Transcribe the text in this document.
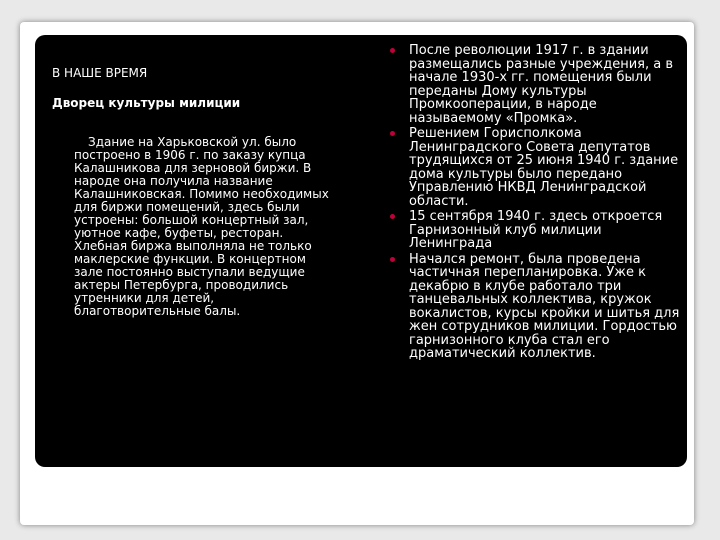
В НАШЕ ВРЕМЯ
Дворец культуры милиции

Здание на Харьковской ул. было построено в 1906 г. по заказу купца Калашникова для зерновой биржи. В народе она получила название Калашниковская. Помимо необходимых для биржи помещений, здесь были устроены: большой концертный зал, уютное кафе, буфеты, ресторан. Хлебная биржа выполняла не только маклерские функции. В концертном зале постоянно выступали ведущие актеры Петербурга, проводились утренники для детей, благотворительные балы.

После революции 1917 г. в здании размещались разные учреждения, а в начале 1930-х гг. помещения были переданы Дому культуры Промкооперации, в народе называемому «Промка».
Решением Горисполкома Ленинградского Совета депутатов трудящихся от 25 июня 1940 г. здание дома культуры было передано Управлению НКВД Ленинградской области.
15 сентября 1940 г. здесь откроется Гарнизонный клуб милиции Ленинграда
Начался ремонт, была проведена частичная перепланировка. Уже к декабрю в клубе работало три танцевальных коллектива, кружок вокалистов, курсы кройки и шитья для жен сотрудников милиции. Гордостью гарнизонного клуба стал его драматический коллектив.
